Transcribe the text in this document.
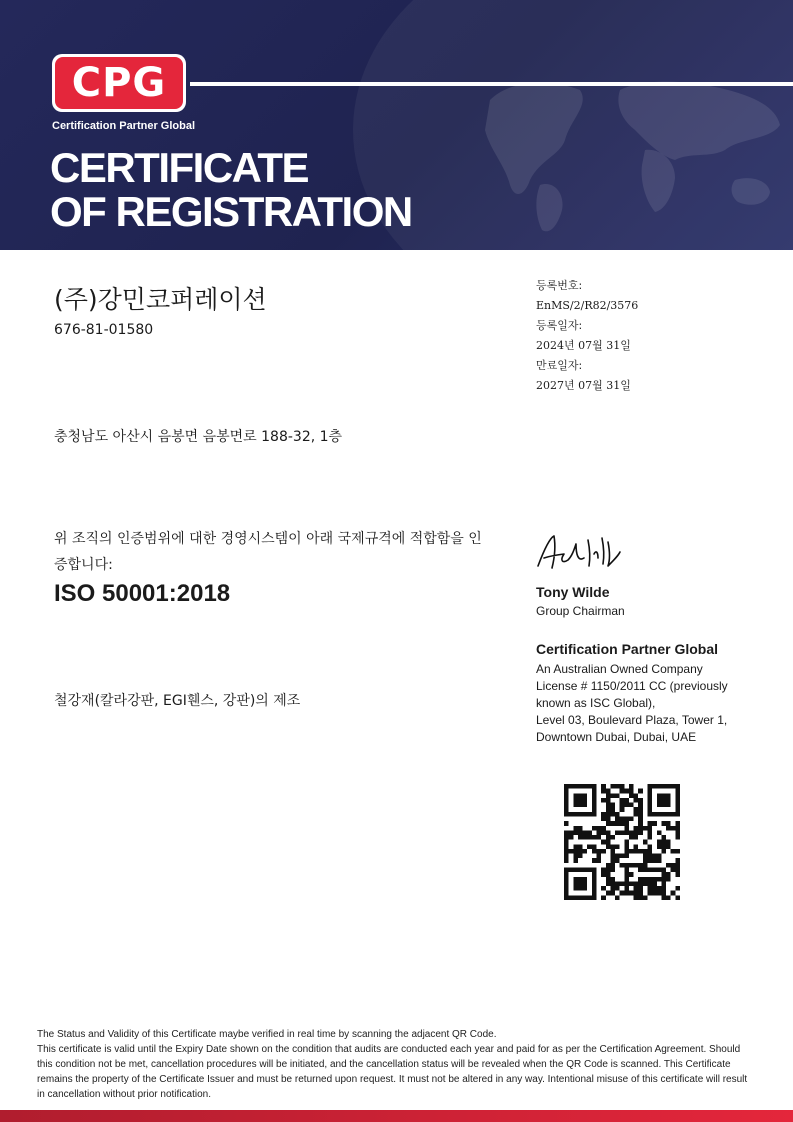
CPG
Certification Partner Global
CERTIFICATE
OF REGISTRATION
(주)강민코퍼레이션
676-81-01580
충청남도 아산시 음봉면 음봉면로 188-32, 1층
등록번호:
EnMS/2/R82/3576
등록일자:
2024년 07월 31일
만료일자:
2027년 07월 31일
위 조직의 인증범위에 대한 경영시스템이 아래 국제규격에 적합함을 인증합니다:
ISO 50001:2018
철강재(칼라강판, EGI휀스, 강판)의 제조
Tony Wilde
Group Chairman
Certification Partner Global
An Australian Owned Company
License # 1150/2011 CC (previously known as ISC Global),
Level 03, Boulevard Plaza, Tower 1,
Downtown Dubai, Dubai, UAE
The Status and Validity of this Certificate maybe verified in real time by scanning the adjacent QR Code.
This certificate is valid until the Expiry Date shown on the condition that audits are conducted each year and paid for as per the Certification Agreement. Should this condition not be met, cancellation procedures will be initiated, and the cancellation status will be revealed when the QR Code is scanned. This Certificate remains the property of the Certificate Issuer and must be returned upon request. It must not be altered in any way. Intentional misuse of this certificate will result in cancellation without prior notification.
